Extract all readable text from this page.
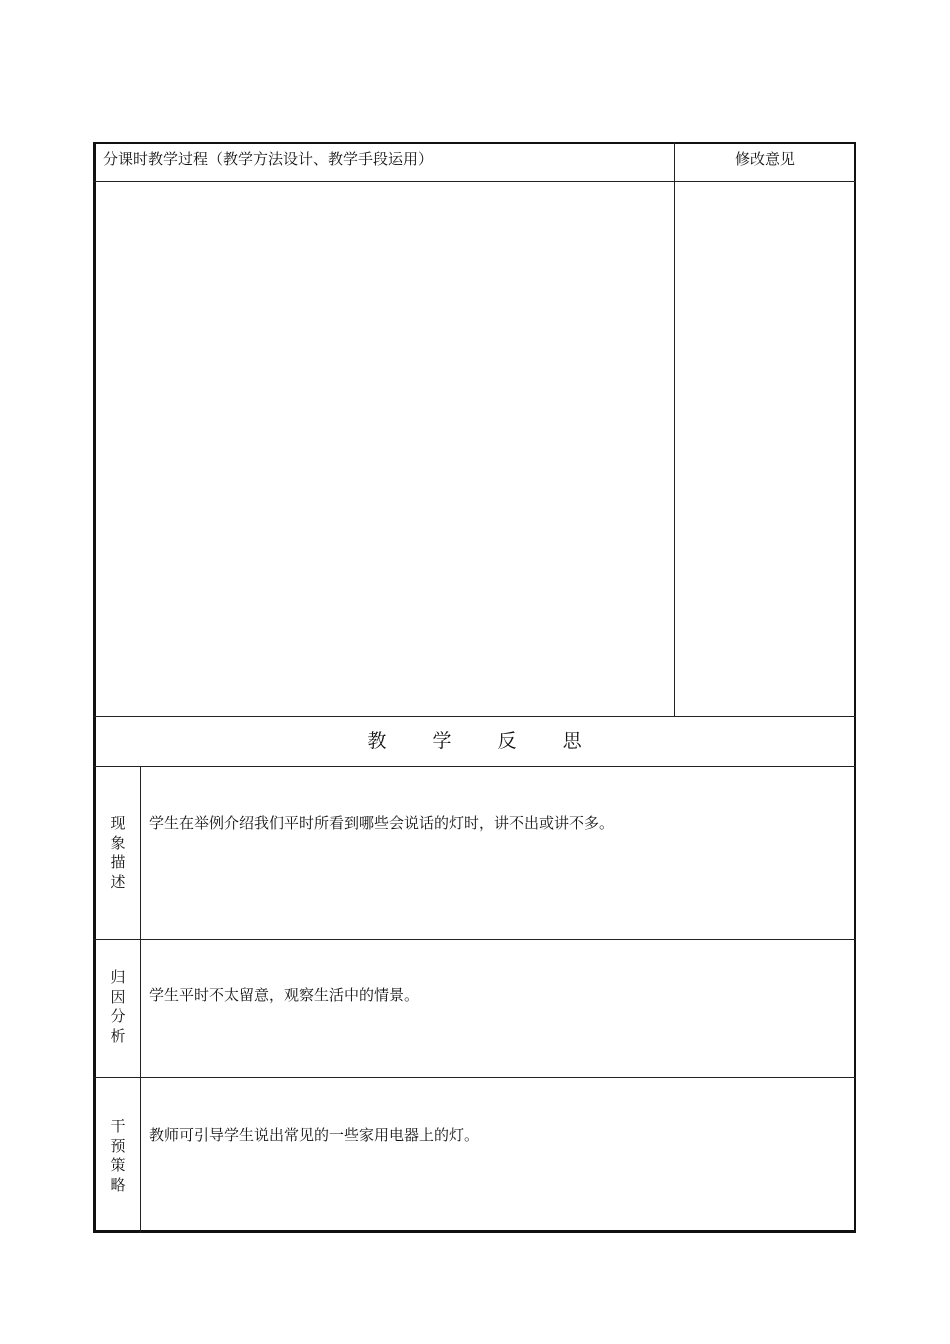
分课时教学过程（教学方法设计、教学手段运用）	修改意见
教 学 反 思
现
象
描
述
学生在举例介绍我们平时所看到哪些会说话的灯时，讲不出或讲不多。
归
因
分
析
学生平时不太留意，观察生活中的情景。
干
预
策
略
教师可引导学生说出常见的一些家用电器上的灯。
